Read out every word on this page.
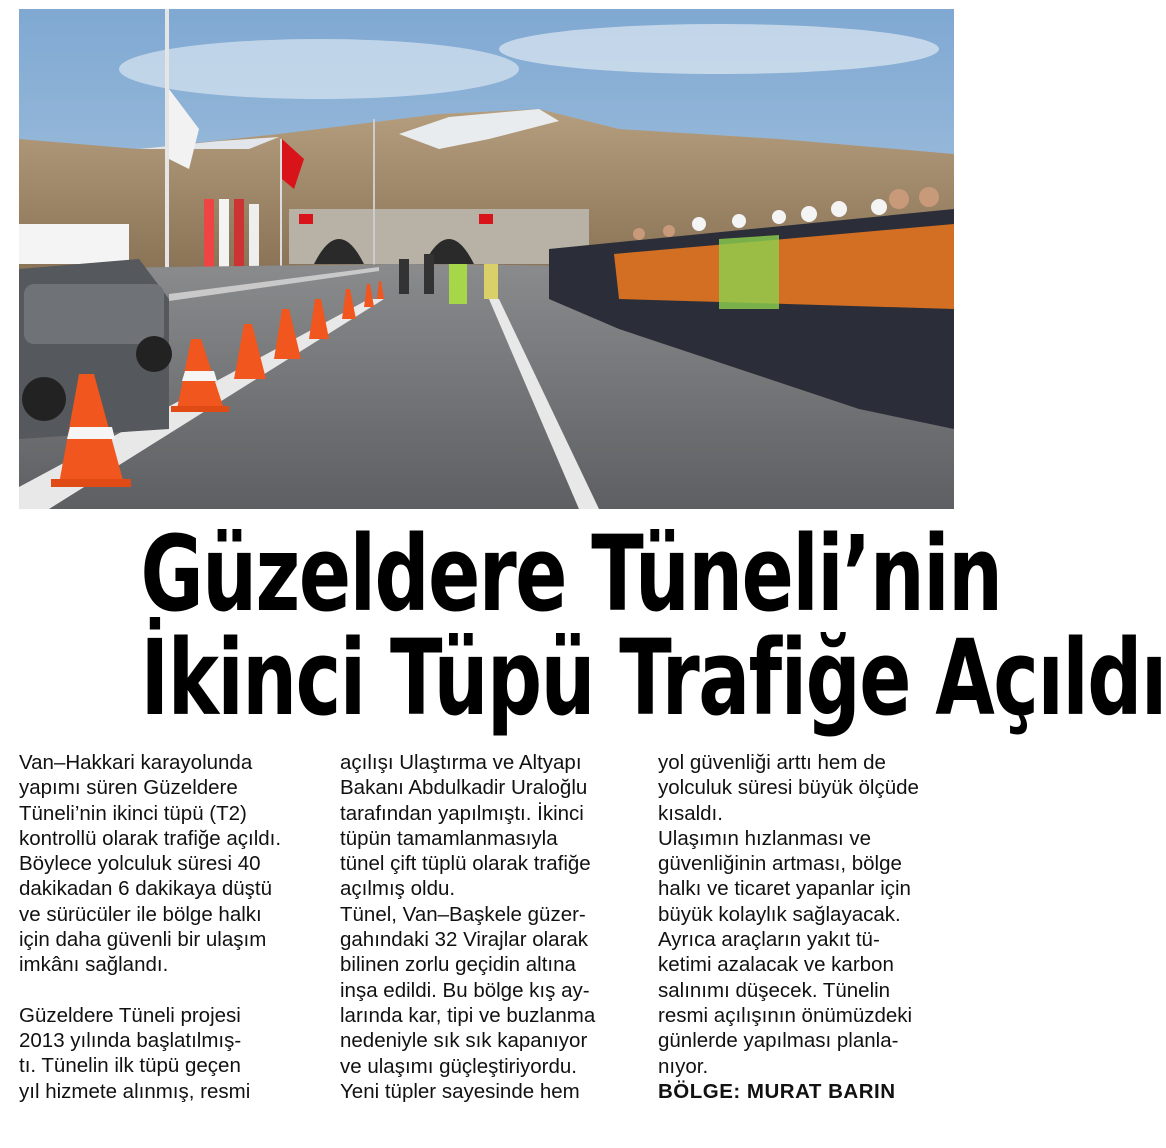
Güzeldere Tüneli’nin
İkinci Tüpü Trafiğe Açıldı

Van–Hakkari karayolunda
yapımı süren Güzeldere
Tüneli’nin ikinci tüpü (T2)
kontrollü olarak trafiğe açıldı.
Böylece yolculuk süresi 40
dakikadan 6 dakikaya düştü
ve sürücüler ile bölge halkı
için daha güvenli bir ulaşım
imkânı sağlandı.

Güzeldere Tüneli projesi
2013 yılında başlatılmış-
tı. Tünelin ilk tüpü geçen
yıl hizmete alınmış, resmi

açılışı Ulaştırma ve Altyapı
Bakanı Abdulkadir Uraloğlu
tarafından yapılmıştı. İkinci
tüpün tamamlanmasıyla
tünel çift tüplü olarak trafiğe
açılmış oldu.

Tünel, Van–Başkele güzer-
gahındaki 32 Virajlar olarak
bilinen zorlu geçidin altına
inşa edildi. Bu bölge kış ay-
larında kar, tipi ve buzlanma
nedeniyle sık sık kapanıyor
ve ulaşımı güçleştiriyordu.
Yeni tüpler sayesinde hem

yol güvenliği arttı hem de
yolculuk süresi büyük ölçüde
kısaldı.

Ulaşımın hızlanması ve
güvenliğinin artması, bölge
halkı ve ticaret yapanlar için
büyük kolaylık sağlayacak.
Ayrıca araçların yakıt tü-
ketimi azalacak ve karbon
salınımı düşecek. Tünelin
resmi açılışının önümüzdeki
günlerde yapılması planla-
nıyor.

BÖLGE: MURAT BARIN
